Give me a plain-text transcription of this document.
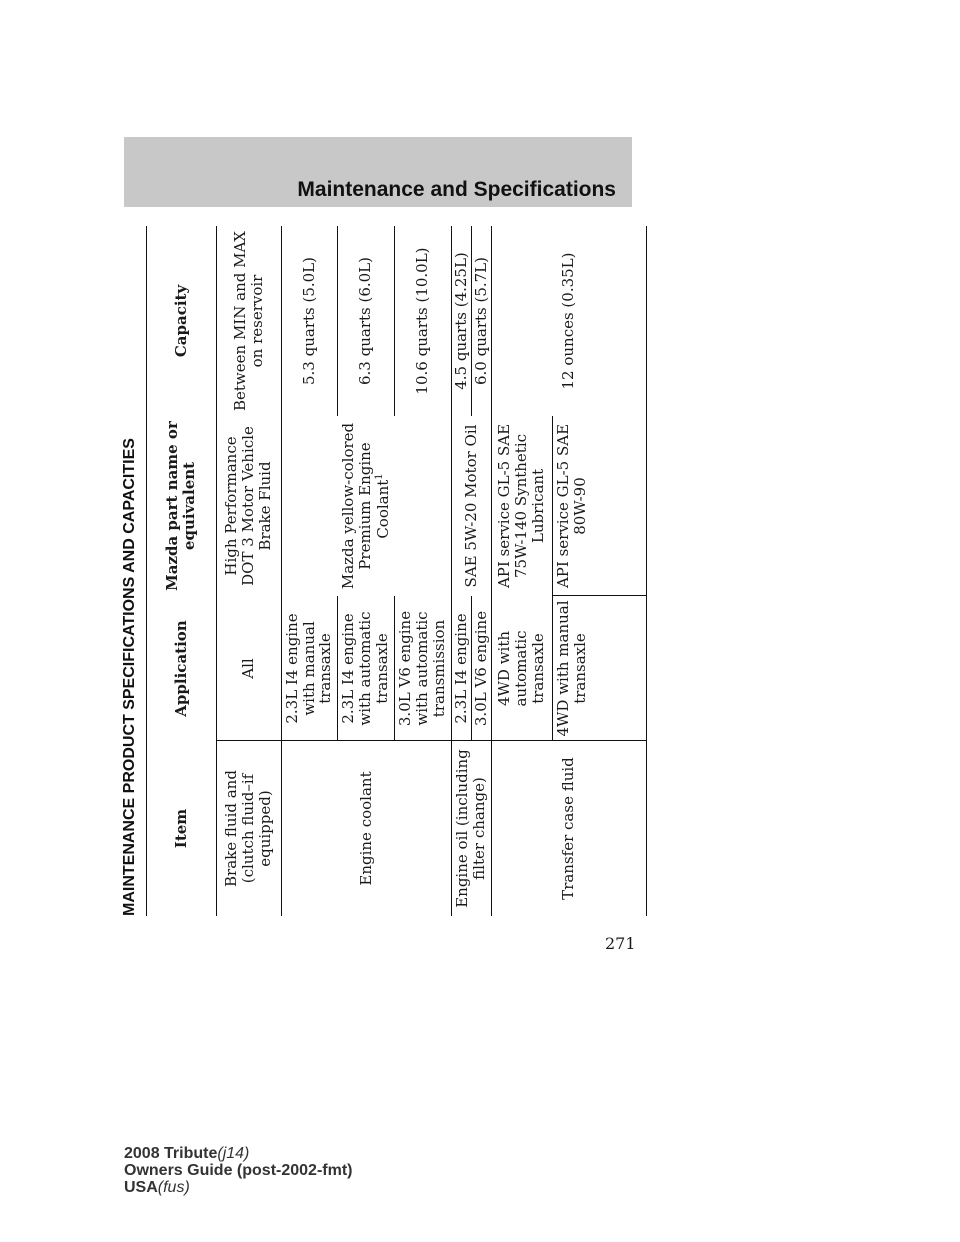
Maintenance and Specifications
MAINTENANCE PRODUCT SPECIFICATIONS AND CAPACITIES	Item
Application
Mazda part name or equivalent
Capacity
Brake fluid and (clutch fluid–if equipped)
All
High Performance DOT 3 Motor Vehicle Brake Fluid
Between MIN and MAX on reservoir
Engine coolant
Mazda yellow-colored Premium Engine Coolant$^1$
2.3L I4 engine with manual transaxle
5.3 quarts (5.0L)
2.3L I4 engine with automatic transaxle
6.3 quarts (6.0L)
3.0L V6 engine with automatic transmission
10.6 quarts (10.0L)
Engine oil (including filter change)
SAE 5W-20 Motor Oil
2.3L I4 engine
4.5 quarts (4.25L)
3.0L V6 engine
6.0 quarts (5.7L)
Transfer case fluid
12 ounces (0.35L)
4WD with automatic transaxle
API service GL-5 SAE 75W-140 Synthetic Lubricant
4WD with manual transaxle
API service GL-5 SAE 80W-90
271
2008 Tribute(j14)
Owners Guide (post-2002-fmt)
USA(fus)
